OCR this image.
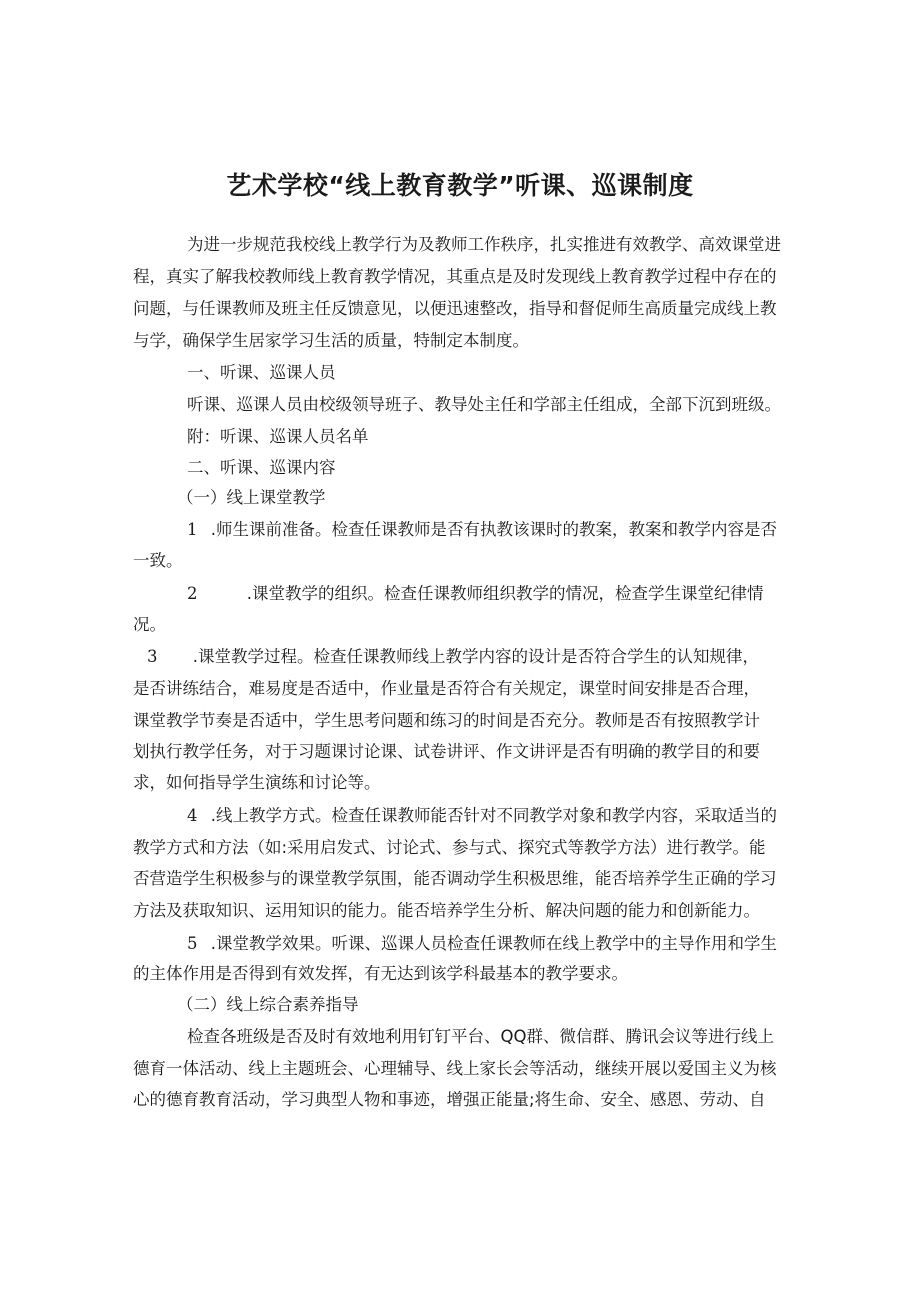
艺术学校“线上教育教学”听课、巡课制度
为进一步规范我校线上教学行为及教师工作秩序，扎实推进有效教学、高效课堂进
程，真实了解我校教师线上教育教学情况，其重点是及时发现线上教育教学过程中存在的
问题，与任课教师及班主任反馈意见，以便迅速整改，指导和督促师生高质量完成线上教
与学，确保学生居家学习生活的质量，特制定本制度。
一、听课、巡课人员
听课、巡课人员由校级领导班子、教导处主任和学部主任组成，全部下沉到班级。
附：听课、巡课人员名单
二、听课、巡课内容
（一）线上课堂教学
1 .师生课前准备。检查任课教师是否有执教该课时的教案，教案和教学内容是否
一致。
2	.课堂教学的组织。检查任课教师组织教学的情况，检查学生课堂纪律情
况。
3 .课堂教学过程。检查任课教师线上教学内容的设计是否符合学生的认知规律，
是否讲练结合，难易度是否适中，作业量是否符合有关规定，课堂时间安排是否合理，
课堂教学节奏是否适中，学生思考问题和练习的时间是否充分。教师是否有按照教学计
划执行教学任务，对于习题课讨论课、试卷讲评、作文讲评是否有明确的教学目的和要
求，如何指导学生演练和讨论等。
4 .线上教学方式。检查任课教师能否针对不同教学对象和教学内容，采取适当的
教学方式和方法（如:采用启发式、讨论式、参与式、探究式等教学方法）进行教学。能
否营造学生积极参与的课堂教学氛围，能否调动学生积极思维，能否培养学生正确的学习
方法及获取知识、运用知识的能力。能否培养学生分析、解决问题的能力和创新能力。
5 .课堂教学效果。听课、巡课人员检查任课教师在线上教学中的主导作用和学生
的主体作用是否得到有效发挥，有无达到该学科最基本的教学要求。
（二）线上综合素养指导
检查各班级是否及时有效地利用钉钉平台、QQ群、微信群、腾讯会议等进行线上
德育一体活动、线上主题班会、心理辅导、线上家长会等活动，继续开展以爱国主义为核
心的德育教育活动，学习典型人物和事迹，增强正能量;将生命、安全、感恩、劳动、自
